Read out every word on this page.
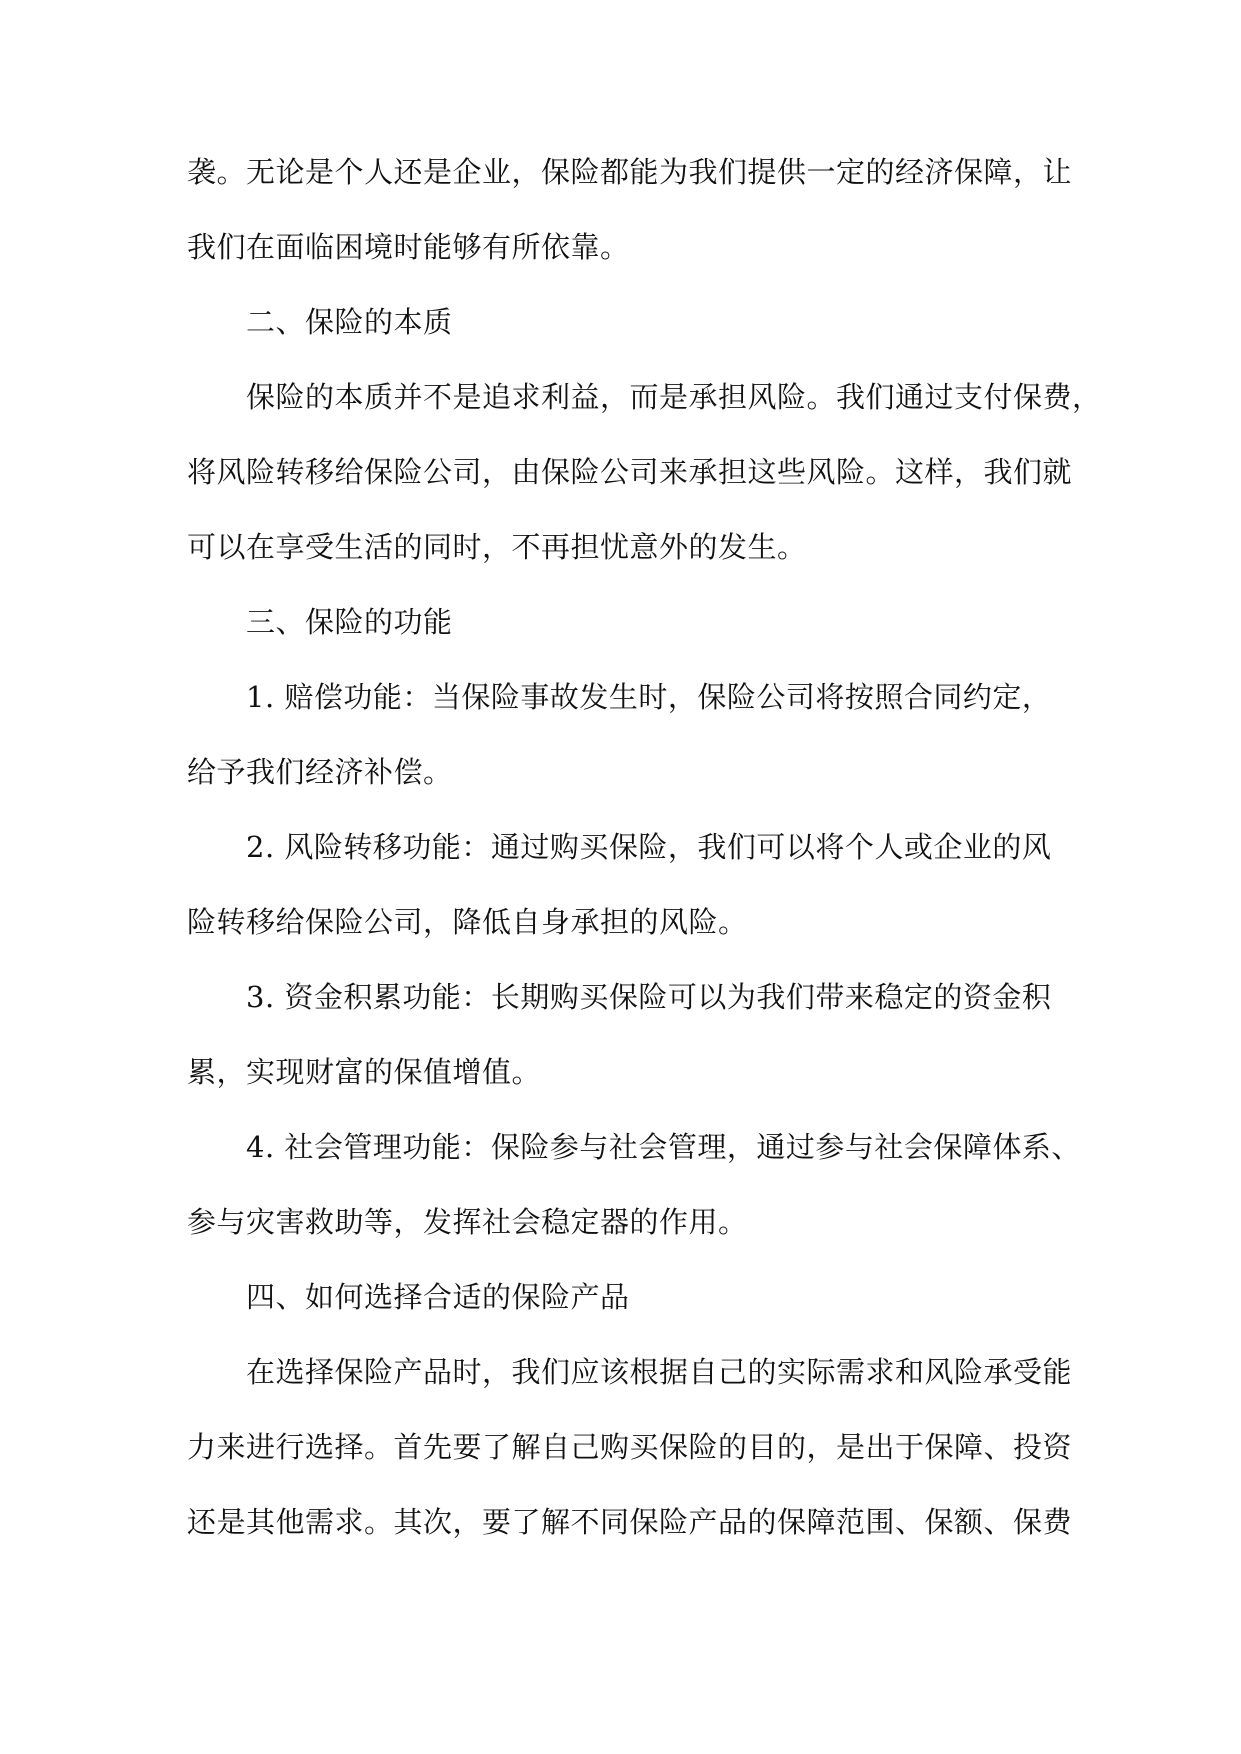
袭。无论是个人还是企业，保险都能为我们提供一定的经济保障，让
我们在面临困境时能够有所依靠。
二、保险的本质
保险的本质并不是追求利益，而是承担风险。我们通过支付保费，
将风险转移给保险公司，由保险公司来承担这些风险。这样，我们就
可以在享受生活的同时，不再担忧意外的发生。
三、保险的功能
1. 赔偿功能：当保险事故发生时，保险公司将按照合同约定，
给予我们经济补偿。
2. 风险转移功能：通过购买保险，我们可以将个人或企业的风
险转移给保险公司，降低自身承担的风险。
3. 资金积累功能：长期购买保险可以为我们带来稳定的资金积
累，实现财富的保值增值。
4. 社会管理功能：保险参与社会管理，通过参与社会保障体系、
参与灾害救助等，发挥社会稳定器的作用。
四、如何选择合适的保险产品
在选择保险产品时，我们应该根据自己的实际需求和风险承受能
力来进行选择。首先要了解自己购买保险的目的，是出于保障、投资
还是其他需求。其次，要了解不同保险产品的保障范围、保额、保费
